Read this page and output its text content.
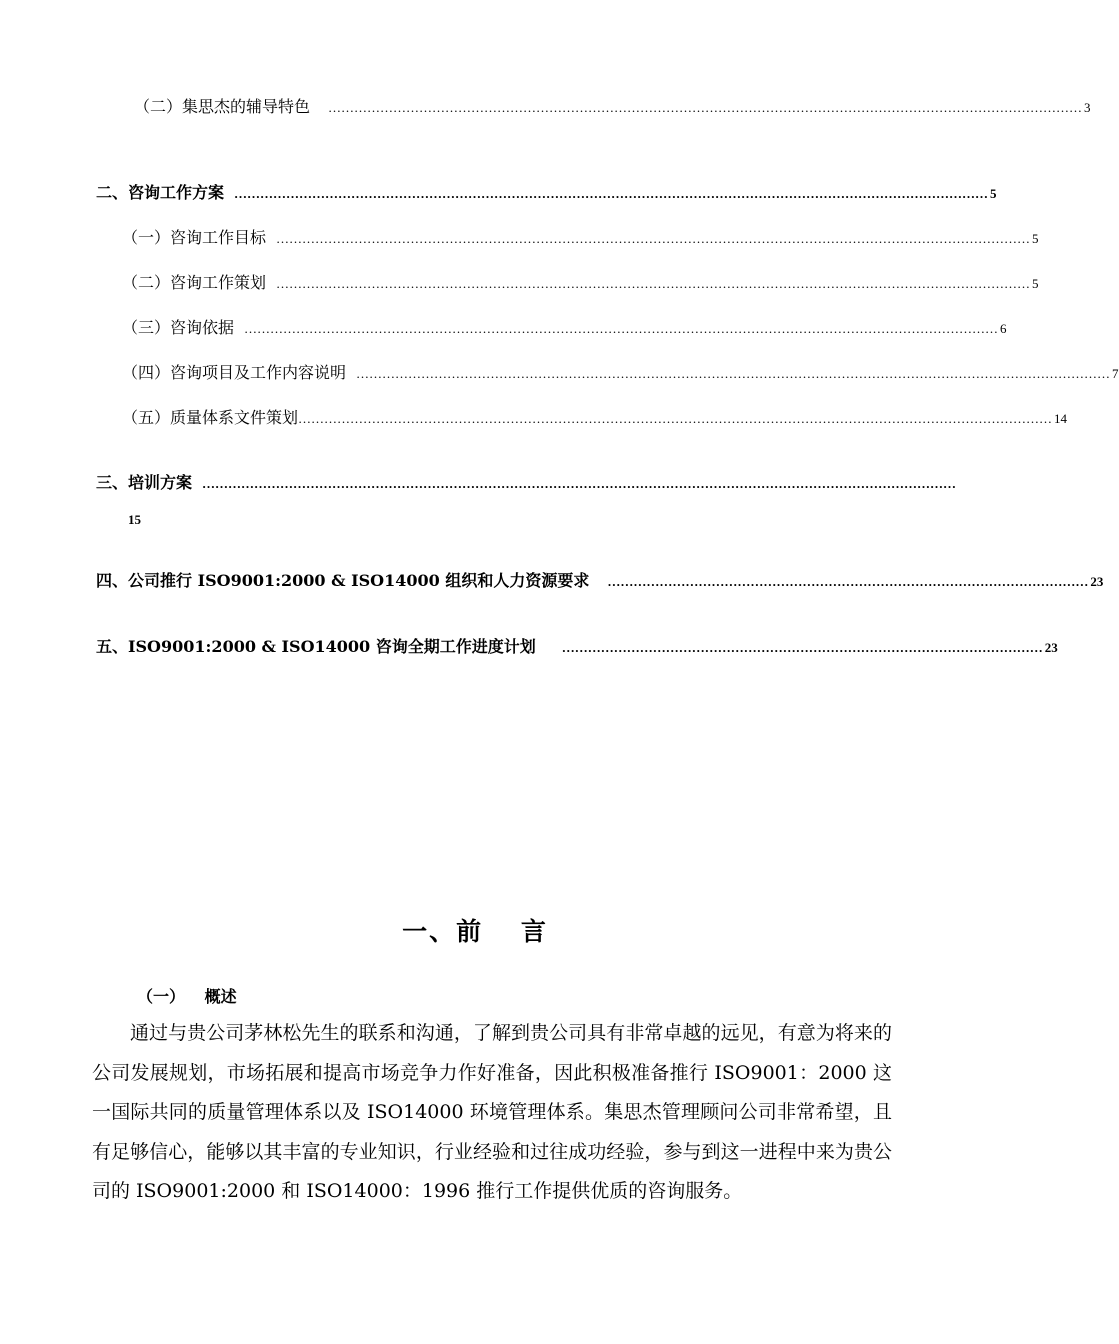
（二） 集思杰的辅导特色 ………………………………………………………………………………………………………………………………………………………… 3
二、 咨询工作方案 ………………………………………………………………………………………………………………………………………………………… 5
（一） 咨询工作目标 ………………………………………………………………………………………………………………………………………………………… 5
（二） 咨询工作策划 ………………………………………………………………………………………………………………………………………………………… 5
（三） 咨询依据 ………………………………………………………………………………………………………………………………………………………… 6
（四） 咨询项目及工作内容说明 ………………………………………………………………………………………………………………………………………………………… 7
（五） 质量体系文件策划 ………………………………………………………………………………………………………………………………………………………… 14
三、 培训方案 …………………………………………………………………………………………………………………………………………………………
15
四、 公司推行 ISO9001:2000 & ISO14000 组织和人力资源要求 ………………………………………………………………………………………………… 23
五、 ISO9001:2000 & ISO14000 咨询全期工作进度计划 ………………………………………………………………………………………………… 23
一、前　 言
（一） 概述

通过与贵公司茅林松先生的联系和沟通，了解到贵公司具有非常卓越的远见，有意为将来的公司发展规划，市场拓展和提高市场竞争力作好准备，因此积极准备推行 ISO9001：2000 这一国际共同的质量管理体系以及 ISO14000 环境管理体系。集思杰管理顾问公司非常希望，且有足够信心，能够以其丰富的专业知识，行业经验和过往成功经验，参与到这一进程中来为贵公司的 ISO9001:2000 和 ISO14000：1996 推行工作提供优质的咨询服务。
